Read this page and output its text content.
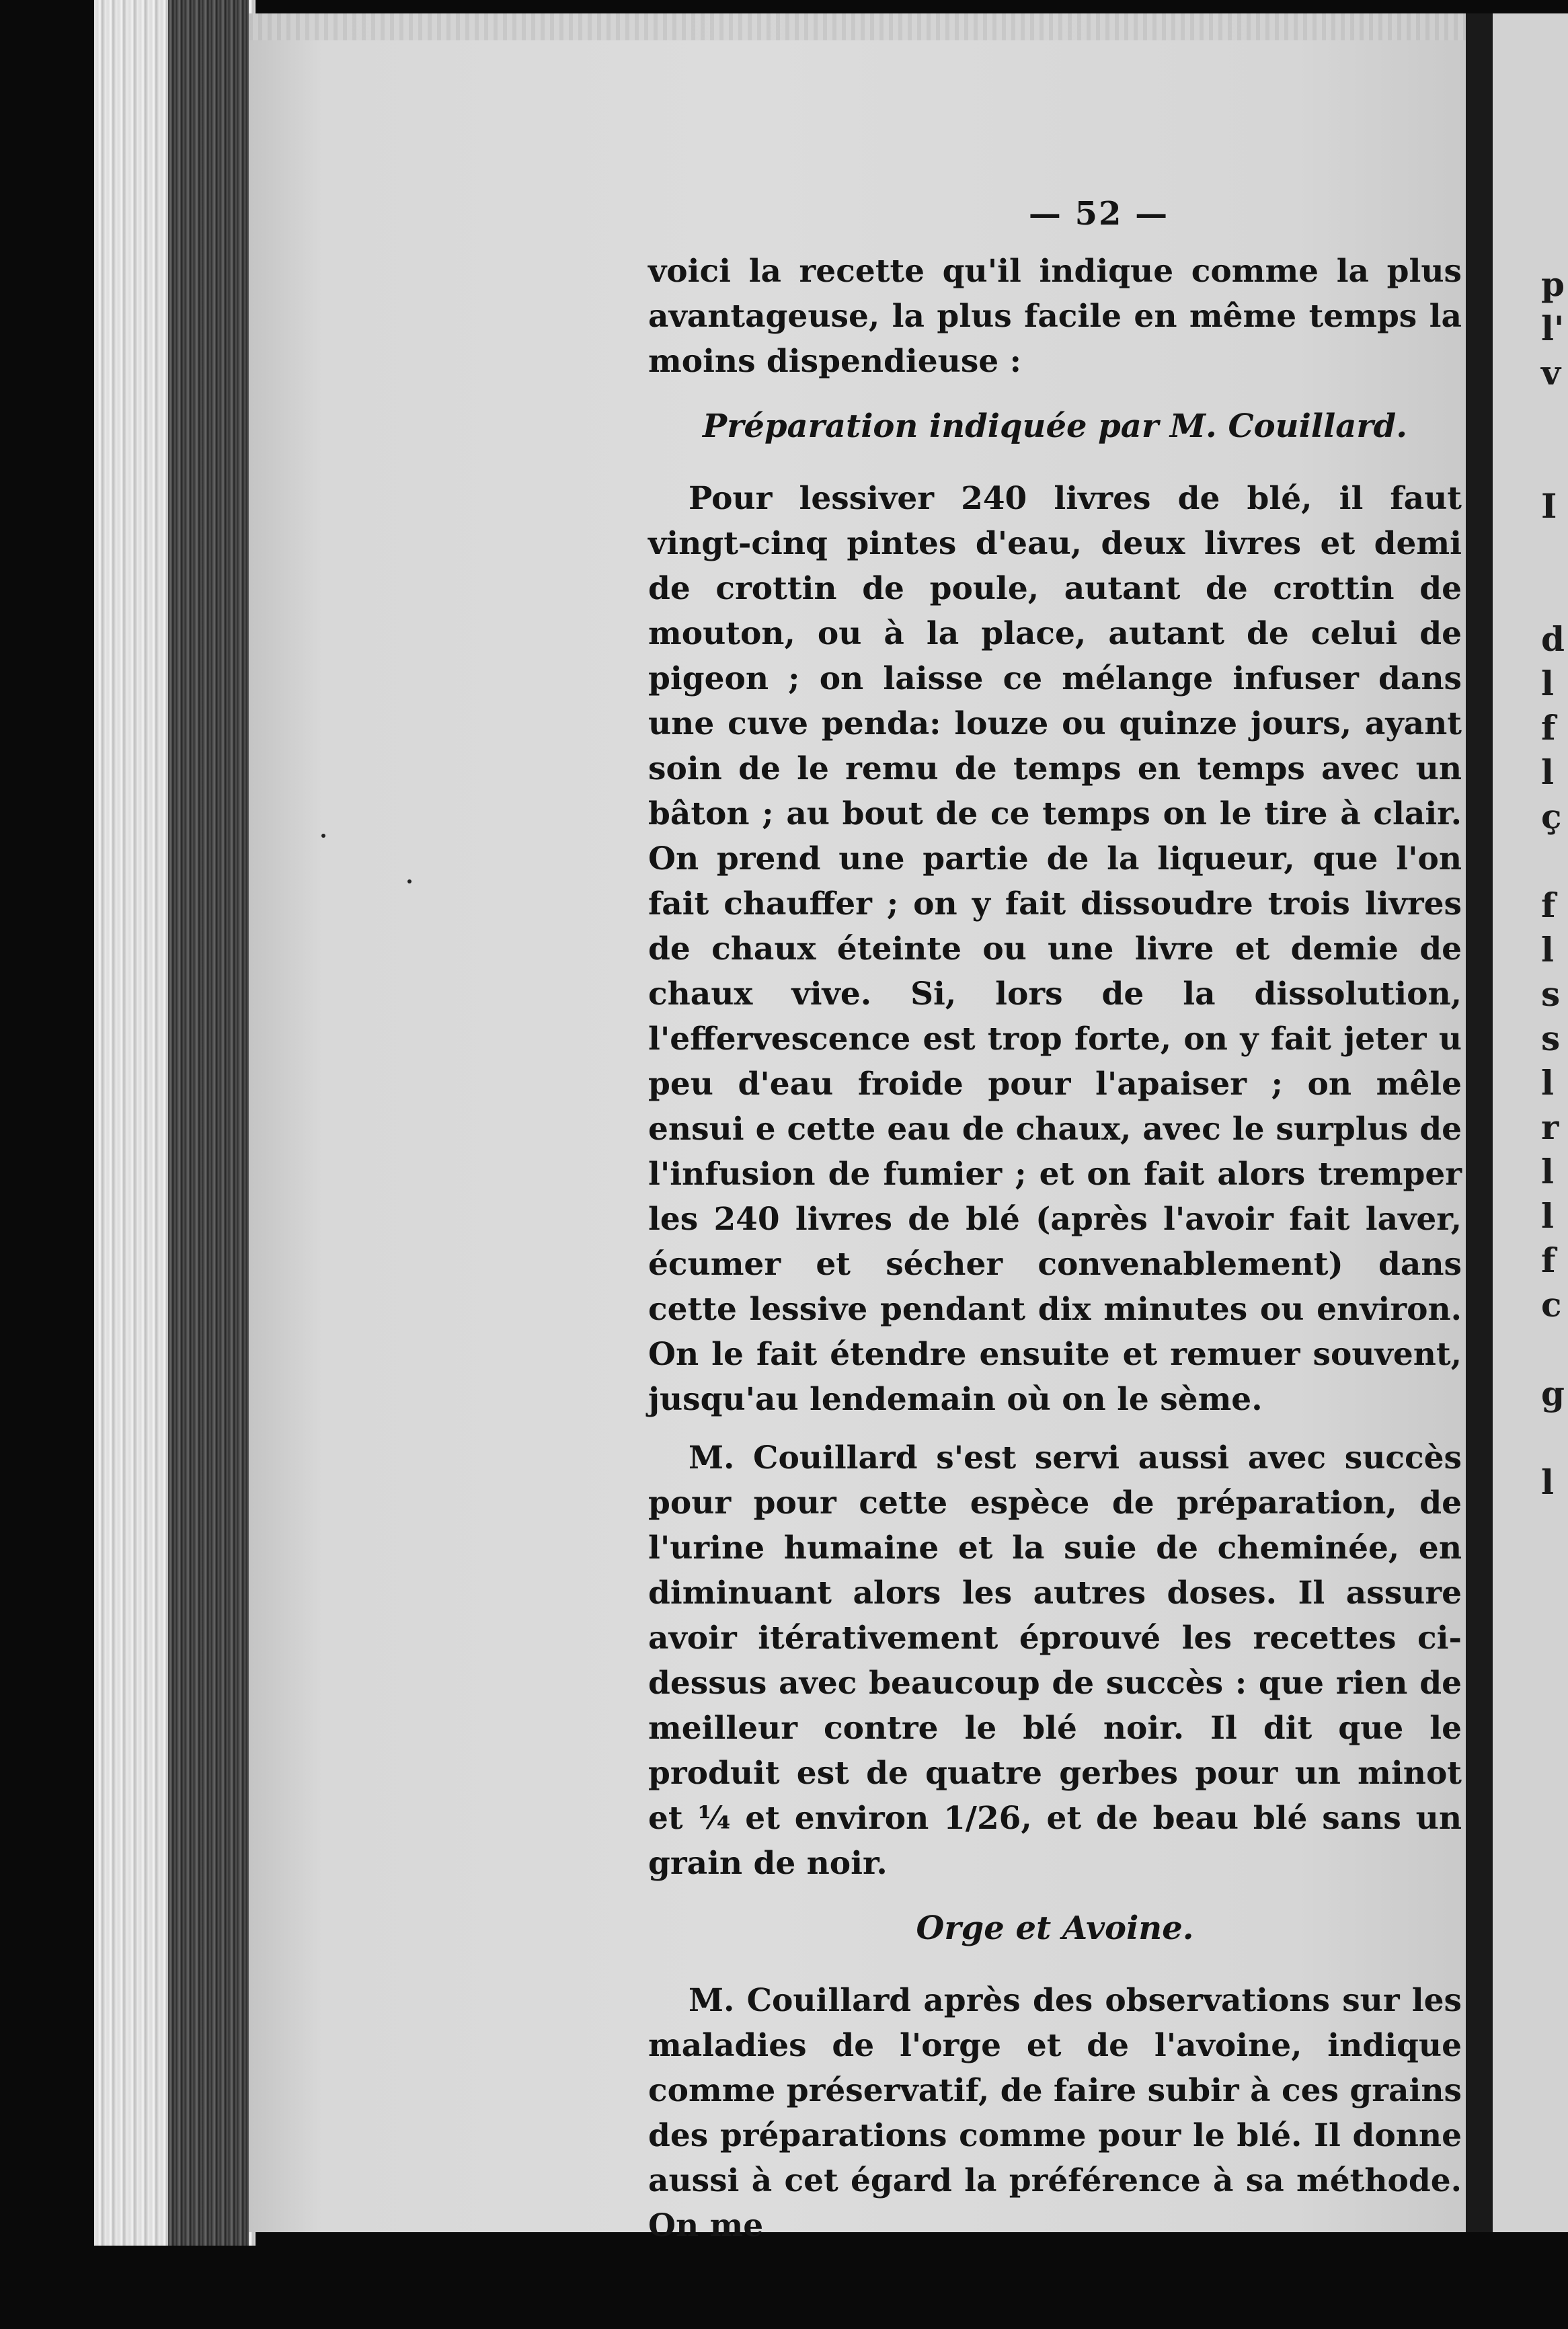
p
l'
v
I
d
l
f
l
ç
f
l
s
s
l
r
l
l
f
c
g
l
— 52 —

voici la recette qu'il indique comme la plus avantageuse, la plus facile en même temps la moins dispendieuse :

Préparation indiquée par M. Couillard.

Pour lessiver 240 livres de blé, il faut vingt-cinq pintes d'eau, deux livres et demi de crottin de poule, autant de crottin de mouton, ou à la place, autant de celui de pigeon ; on laisse ce mélange infuser dans une cuve penda: louze ou quinze jours, ayant soin de le remu de temps en temps avec un bâton ; au bout de ce temps on le tire à clair. On prend une partie de la liqueur, que l'on fait chauffer ; on y fait dissoudre trois livres de chaux éteinte ou une livre et demie de chaux vive. Si, lors de la dissolution, l'effervescence est trop forte, on y fait jeter u peu d'eau froide pour l'apaiser ; on mêle ensui e cette eau de chaux, avec le surplus de l'infusion de fumier ; et on fait alors tremper les 240 livres de blé (après l'avoir fait laver, écumer et sécher convenablement) dans cette lessive pendant dix minutes ou environ. On le fait étendre ensuite et remuer souvent, jusqu'au lendemain où on le sème.

M. Couillard s'est servi aussi avec succès pour pour cette espèce de préparation, de l'urine humaine et la suie de cheminée, en diminuant alors les autres doses. Il assure avoir itérativement éprouvé les recettes ci-dessus avec beaucoup de succès : que rien de meilleur contre le blé noir. Il dit que le produit est de quatre gerbes pour un minot et ¼ et environ 1/26, et de beau blé sans un grain de noir.

Orge et Avoine.

M. Couillard après des observations sur les maladies de l'orge et de l'avoine, indique comme préservatif, de faire subir à ces grains des préparations comme pour le blé. Il donne aussi à cet égard la préférence à sa méthode. On me
